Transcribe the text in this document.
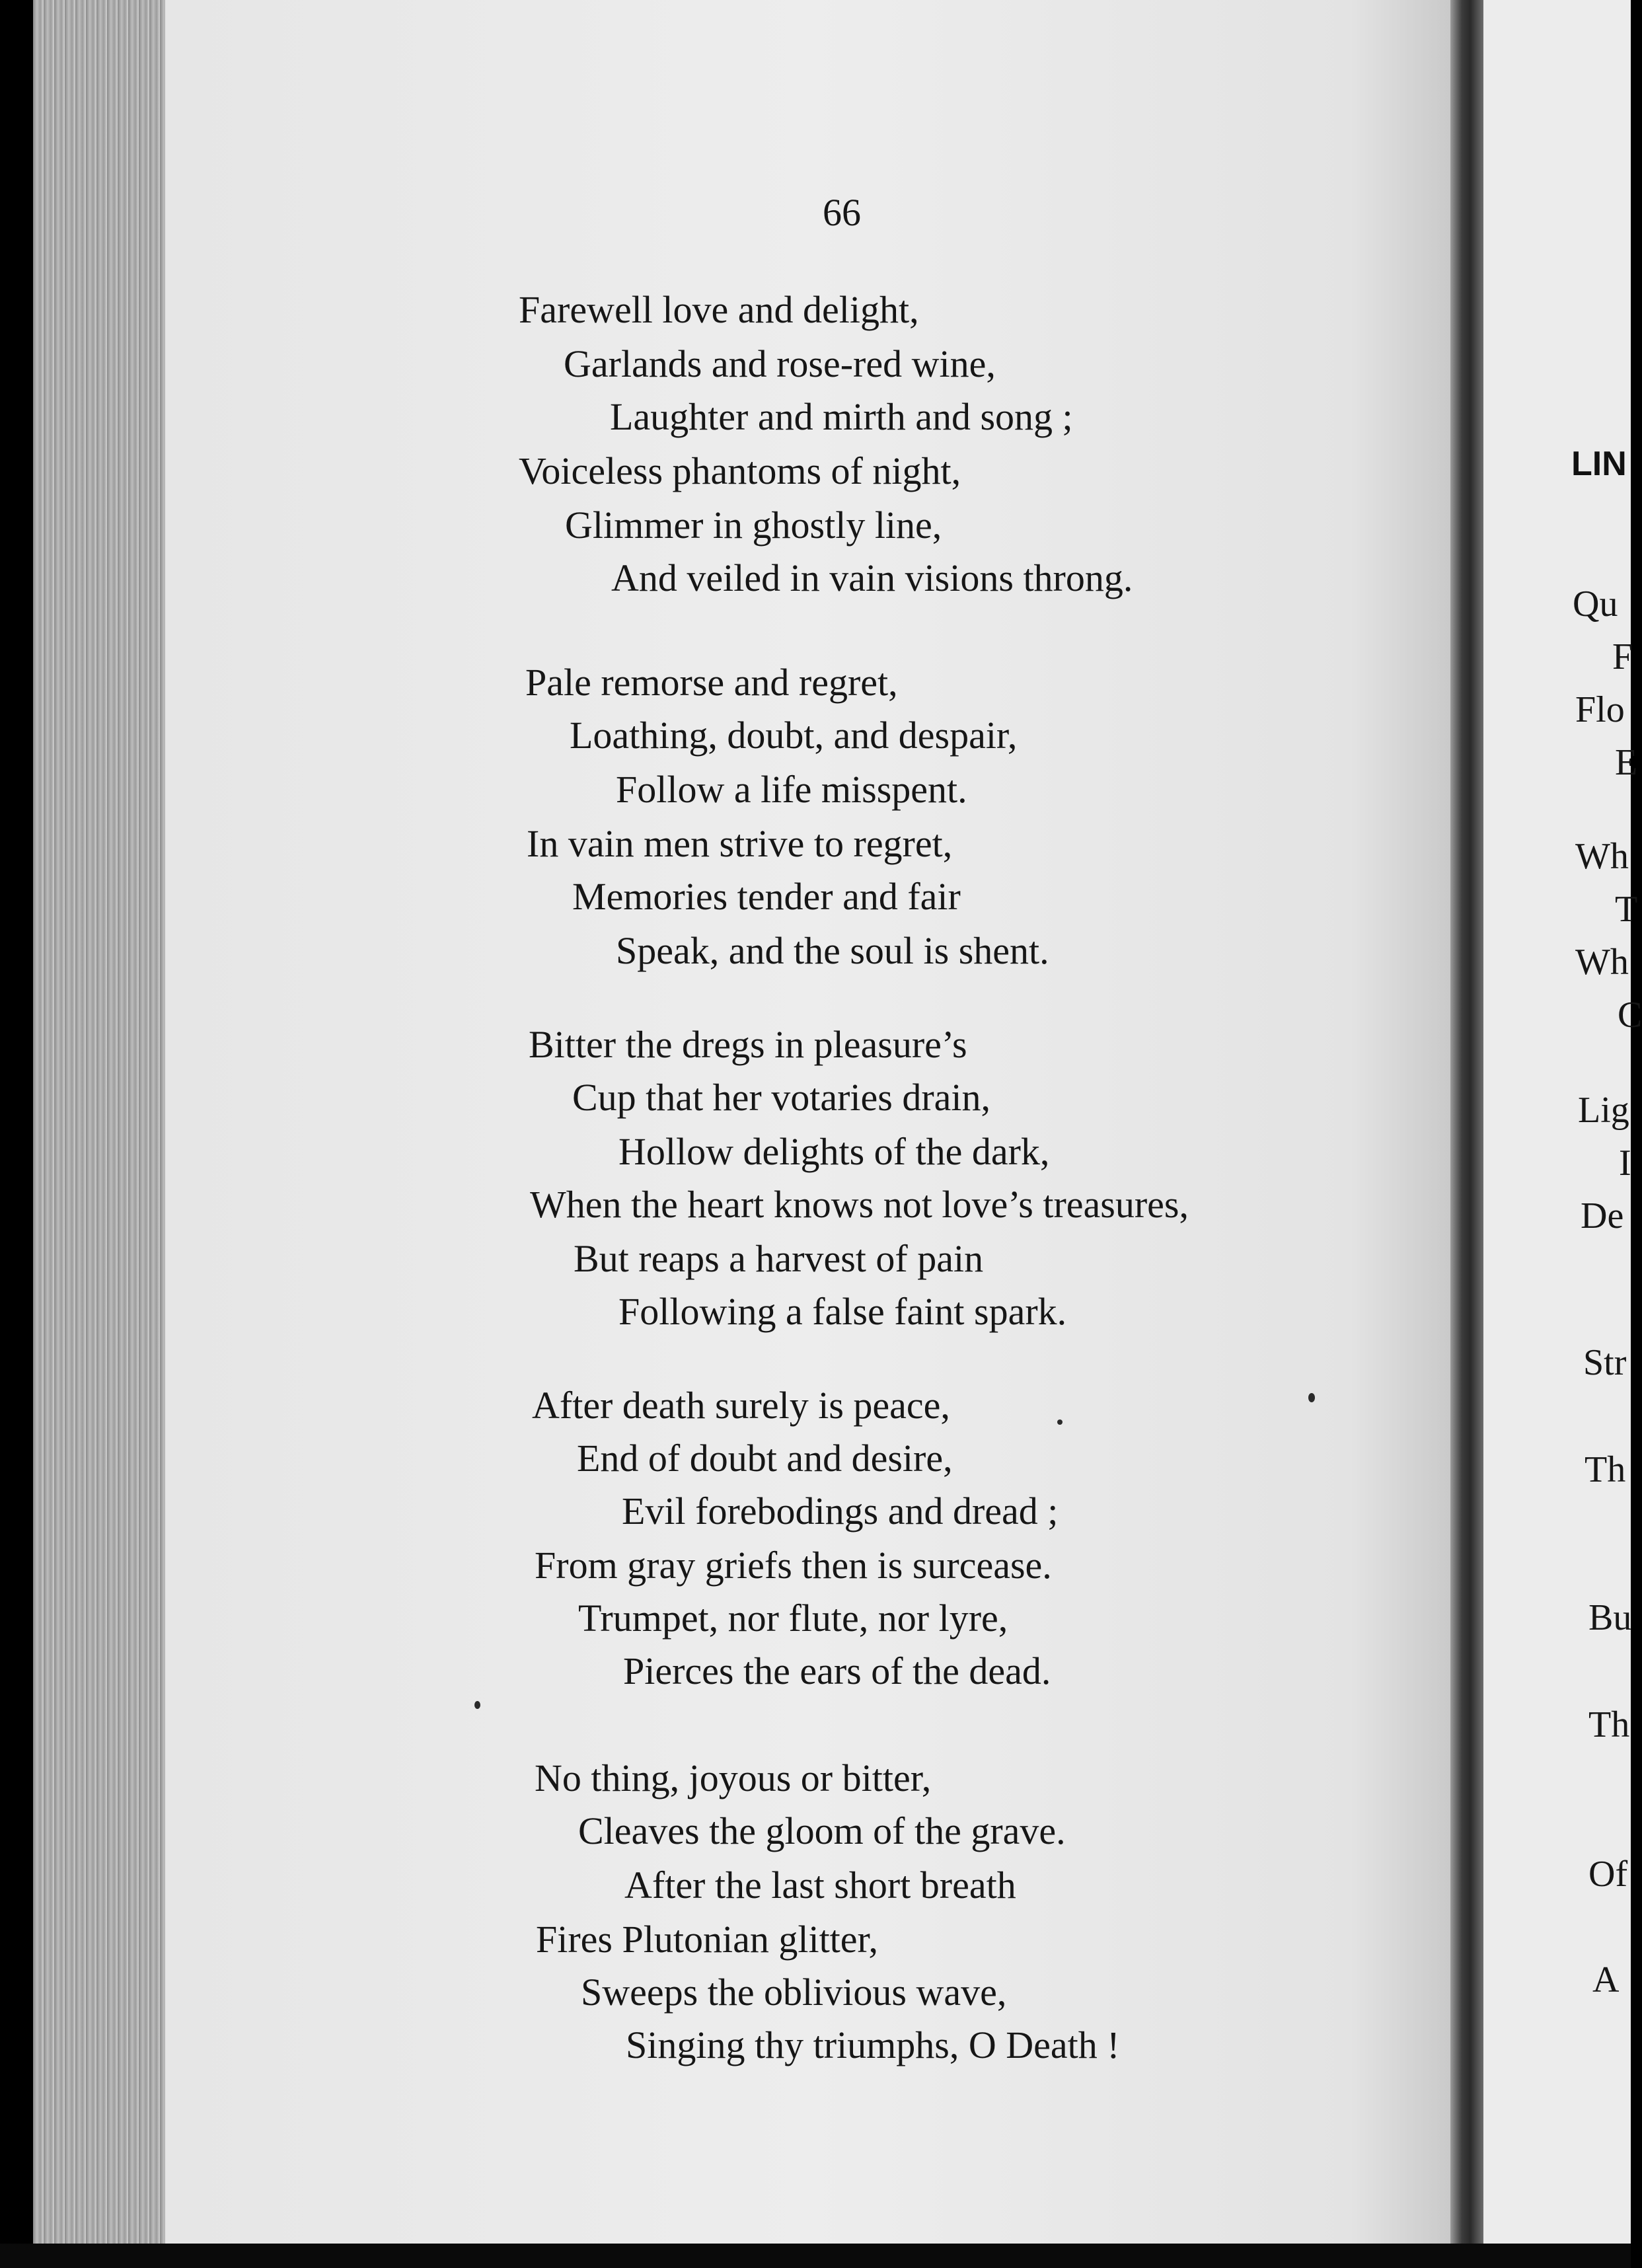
66
Farewell love and delight,
Garlands and rose-red wine,
Laughter and mirth and song ;
Voiceless phantoms of night,
Glimmer in ghostly line,
And veiled in vain visions throng.
Pale remorse and regret,
Loathing, doubt, and despair,
Follow a life misspent.
In vain men strive to regret,
Memories tender and fair
Speak, and the soul is shent.
Bitter the dregs in pleasure’s
Cup that her votaries drain,
Hollow delights of the dark,
When the heart knows not love’s treasures,
But reaps a harvest of pain
Following a false faint spark.
After death surely is peace,
End of doubt and desire,
Evil forebodings and dread ;
From gray griefs then is surcease.
Trumpet, nor flute, nor lyre,
Pierces the ears of the dead.
No thing, joyous or bitter,
Cleaves the gloom of the grave.
After the last short breath
Fires Plutonian glitter,
Sweeps the oblivious wave,
Singing thy triumphs, O Death !
LIN
Qu
F
Flo
E
Wh
T
Wh
C
Lig
I
De
Str
Th
Bu
Th
Of
A
